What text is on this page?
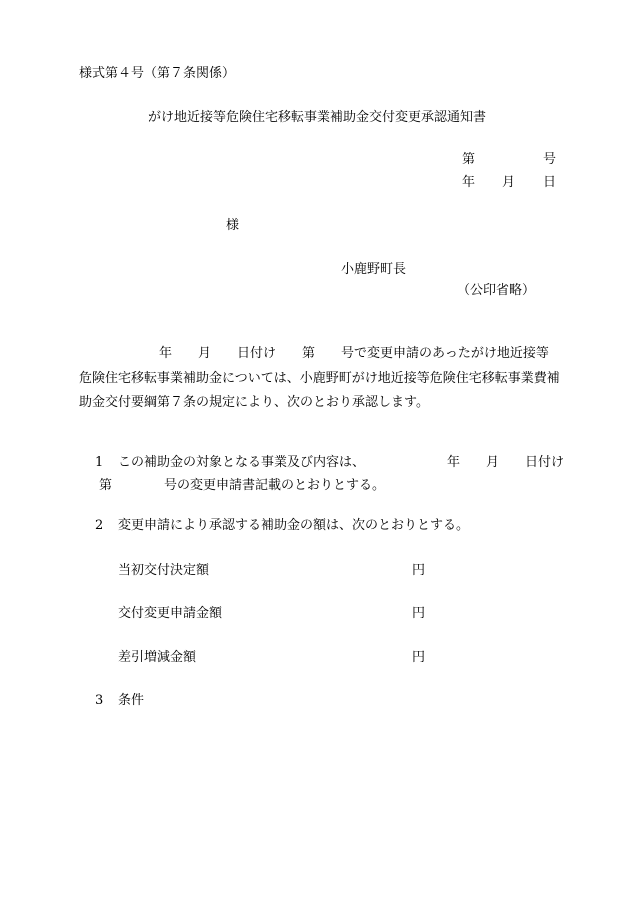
様式第４号（第７条関係）
がけ地近接等危険住宅移転事業補助金交付変更承認通知書
第	号
年 月 日
様
小鹿野町長
（公印省略）
年　　月　　日付け　　第　　号で変更申請のあったがけ地近接等
危険住宅移転事業補助金については、小鹿野町がけ地近接等危険住宅移転事業費補
助金交付要綱第７条の規定により、次のとおり承認します。
1 この補助金の対象となる事業及び内容は、	年　　月　　日付け
第　　　　号の変更申請書記載のとおりとする。
2 変更申請により承認する補助金の額は、次のとおりとする。
当初交付決定額	円
交付変更申請金額	円
差引増減金額	円
3 条件
